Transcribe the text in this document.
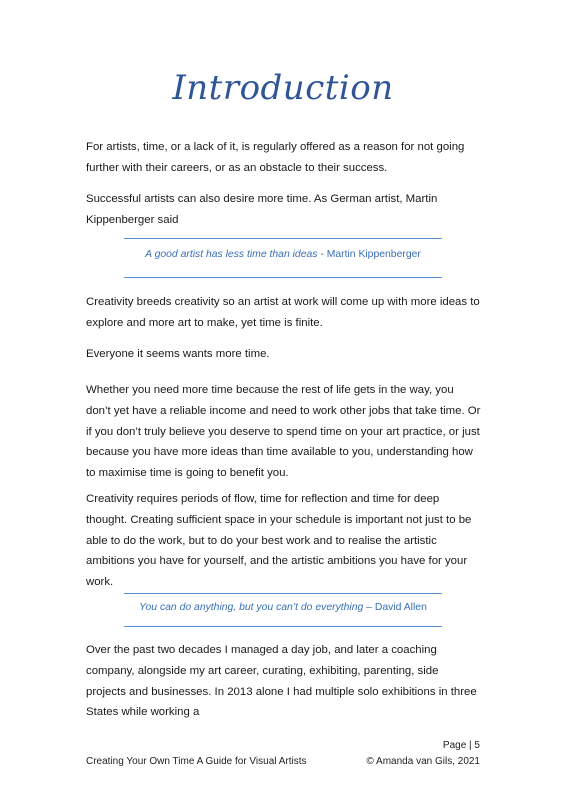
Introduction

For artists, time, or a lack of it, is regularly offered as a reason for not going further with their careers, or as an obstacle to their success.

Successful artists can also desire more time. As German artist, Martin Kippenberger said

A good artist has less time than ideas - Martin Kippenberger

Creativity breeds creativity so an artist at work will come up with more ideas to explore and more art to make, yet time is finite.

Everyone it seems wants more time.

Whether you need more time because the rest of life gets in the way, you don’t yet have a reliable income and need to work other jobs that take time. Or if you don’t truly believe you deserve to spend time on your art practice, or just because you have more ideas than time available to you, understanding how to maximise time is going to benefit you.

Creativity requires periods of flow, time for reflection and time for deep thought. Creating sufficient space in your schedule is important not just to be able to do the work, but to do your best work and to realise the artistic ambitions you have for yourself, and the artistic ambitions you have for your work.

You can do anything, but you can’t do everything – David Allen

Over the past two decades I managed a day job, and later a coaching company, alongside my art career, curating, exhibiting, parenting, side projects and businesses. In 2013 alone I had multiple solo exhibitions in three States while working a

Page | 5
Creating Your Own Time A Guide for Visual Artists	© Amanda van Gils, 2021
